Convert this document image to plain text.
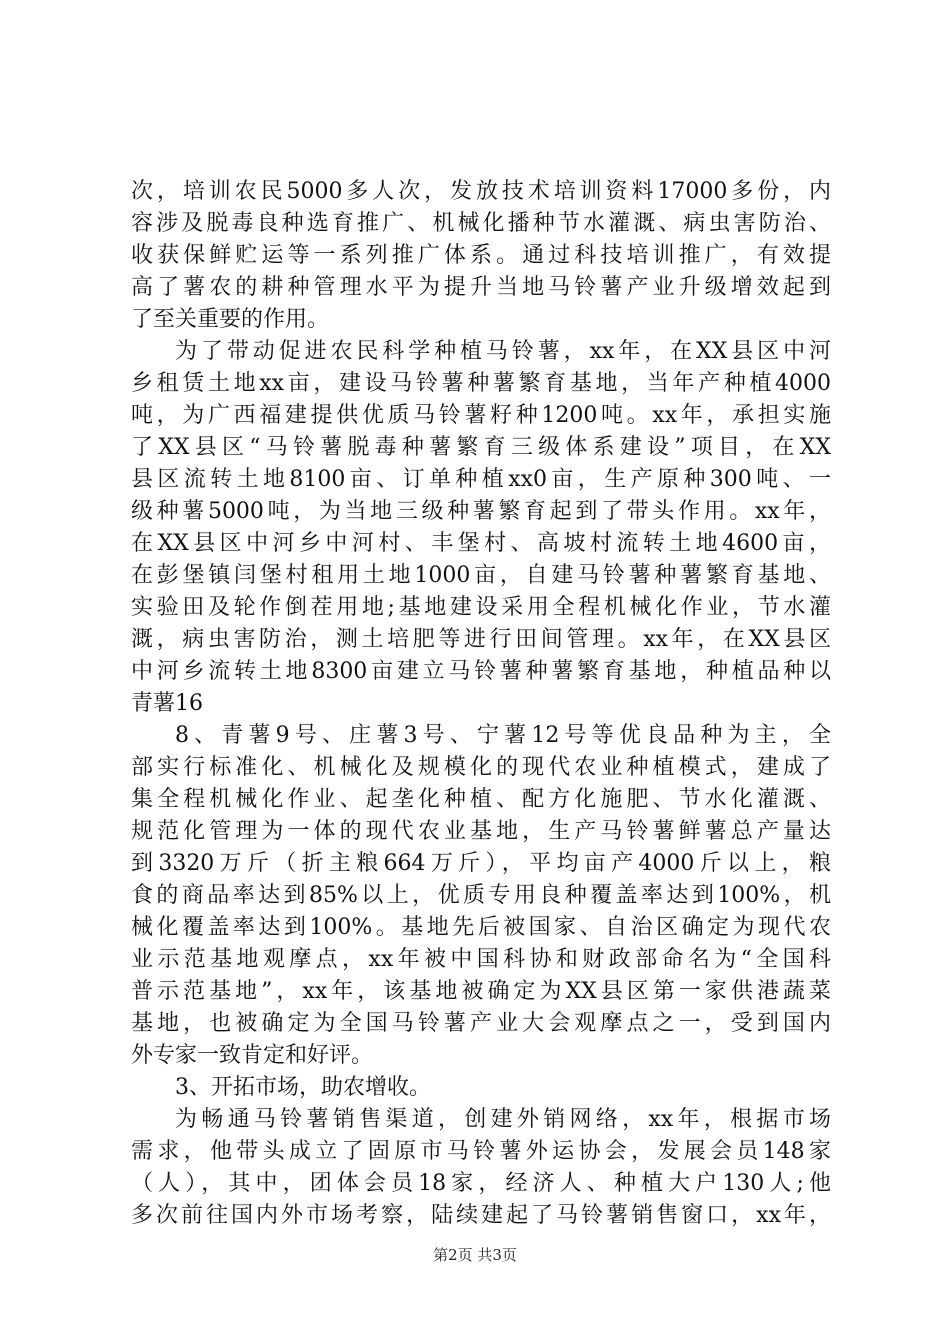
次，培训农民5000多人次，发放技术培训资料17000多份，内
容涉及脱毒良种选育推广、机械化播种节水灌溉、病虫害防治、
收获保鲜贮运等一系列推广体系。通过科技培训推广，有效提
高了薯农的耕种管理水平为提升当地马铃薯产业升级增效起到
了至关重要的作用。
为了带动促进农民科学种植马铃薯，xx年，在XX县区中河
乡租赁土地xx亩，建设马铃薯种薯繁育基地，当年产种植4000
吨，为广西福建提供优质马铃薯籽种1200吨。xx年，承担实施
了XX县区“马铃薯脱毒种薯繁育三级体系建设”项目，在XX
县区流转土地8100亩、订单种植xx0亩，生产原种300吨、一
级种薯5000吨，为当地三级种薯繁育起到了带头作用。xx年，
在XX县区中河乡中河村、丰堡村、高坡村流转土地4600亩，
在彭堡镇闫堡村租用土地1000亩，自建马铃薯种薯繁育基地、
实验田及轮作倒茬用地;基地建设采用全程机械化作业，节水灌
溉，病虫害防治，测土培肥等进行田间管理。xx年，在XX县区
中河乡流转土地8300亩建立马铃薯种薯繁育基地，种植品种以
青薯16
8、青薯9号、庄薯3号、宁薯12号等优良品种为主，全
部实行标准化、机械化及规模化的现代农业种植模式，建成了
集全程机械化作业、起垄化种植、配方化施肥、节水化灌溉、
规范化管理为一体的现代农业基地，生产马铃薯鲜薯总产量达
到3320万斤（折主粮664万斤），平均亩产4000斤以上，粮
食的商品率达到85%以上，优质专用良种覆盖率达到100%，机
械化覆盖率达到100%。基地先后被国家、自治区确定为现代农
业示范基地观摩点，xx年被中国科协和财政部命名为“全国科
普示范基地”，xx年，该基地被确定为XX县区第一家供港蔬菜
基地，也被确定为全国马铃薯产业大会观摩点之一，受到国内
外专家一致肯定和好评。
3、开拓市场，助农增收。
为畅通马铃薯销售渠道，创建外销网络，xx年，根据市场
需求，他带头成立了固原市马铃薯外运协会，发展会员148家
（人），其中，团体会员18家，经济人、种植大户130人;他
多次前往国内外市场考察，陆续建起了马铃薯销售窗口，xx年，
第2页 共3页
